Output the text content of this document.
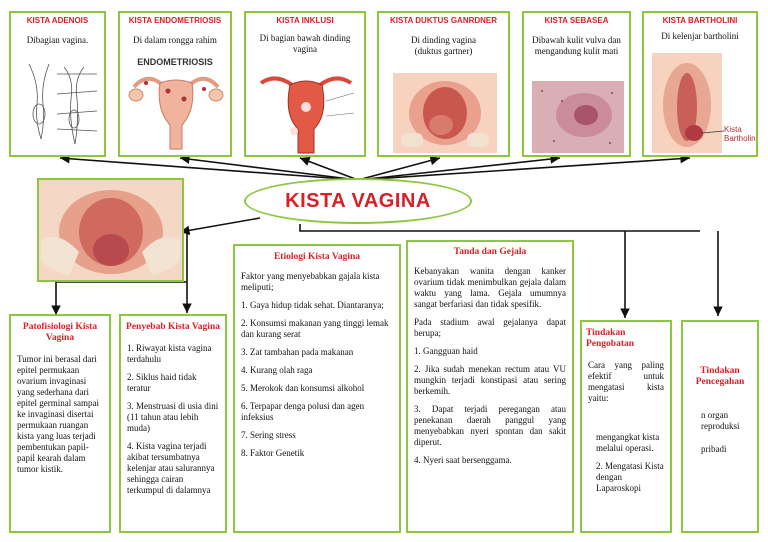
KISTA ADENOIS
Dibagian vagina.
KISTA ENDOMETRIOSIS
Di dalam rongga rahim
ENDOMETRIOSIS
KISTA INKLUSI
Di bagian bawah dinding vagina
KISTA DUKTUS GANRDNER
Di dinding vagina
(duktus gartner)
KISTA SEBASEA
Dibawah kulit vulva dan mengandung kulit mati
KISTA BARTHOLINI
Di kelenjar bartholini
Kista Bartholin
KISTA VAGINA
Patofisiologi Kista Vagina
Tumor ini berasal dari epitel permukaan ovarium invaginasi yang sederhana dari epitel germinal sampai ke invaginasi disertai permukaan ruangan kista yang luas terjadi pembentukan papil-papil kearah dalam tumor kistik.
Penyebab Kista Vagina
1. Riwayat kista vagina terdahulu
2. Siklus haid tidak teratur
3. Menstruasi di usia dini (11 tahun atau lebih muda)
4. Kista vagina terjadi akibat tersumbatnya kelenjar atau salurannya sehingga cairan terkumpul di dalamnya
Etiologi Kista Vagina
Faktor yang menyebabkan gajala kista meliputi;
1. Gaya hidup tidak sehat. Diantaranya;
2. Konsumsi makanan yang tinggi lemak dan kurang serat
3. Zat tambahan pada makanan
4. Kurang olah raga
5. Merokok dan konsumsi alkohol
6. Terpapar denga polusi dan agen infeksius
7. Sering stress
8. Faktor Genetik
Tanda dan Gejala
Kebanyakan wanita dengan kanker ovarium tidak menimbulkan gejala dalam waktu yang lama. Gejala umumnya sangat berfariasi dan tidak spesifik.
Pada stadium awal gejalanya dapat berupa;
1. Gangguan haid
2. Jika sudah menekan rectum atau VU mungkin terjadi konstipasi atau sering berkemih.
3. Dapat terjadi peregangan atau penekanan daerah panggul yang menyebabkan nyeri spontan dan sakit diperut.
4. Nyeri saat bersenggama.
Tindakan Pengobatan
Cara yang paling efektif untuk mengatasi kista yaitu:
mengangkat kista melalui operasi.
2. Mengatasi Kista dengan Laparoskopi
Tindakan Pencegahan
n organ reproduksi
pribadi
